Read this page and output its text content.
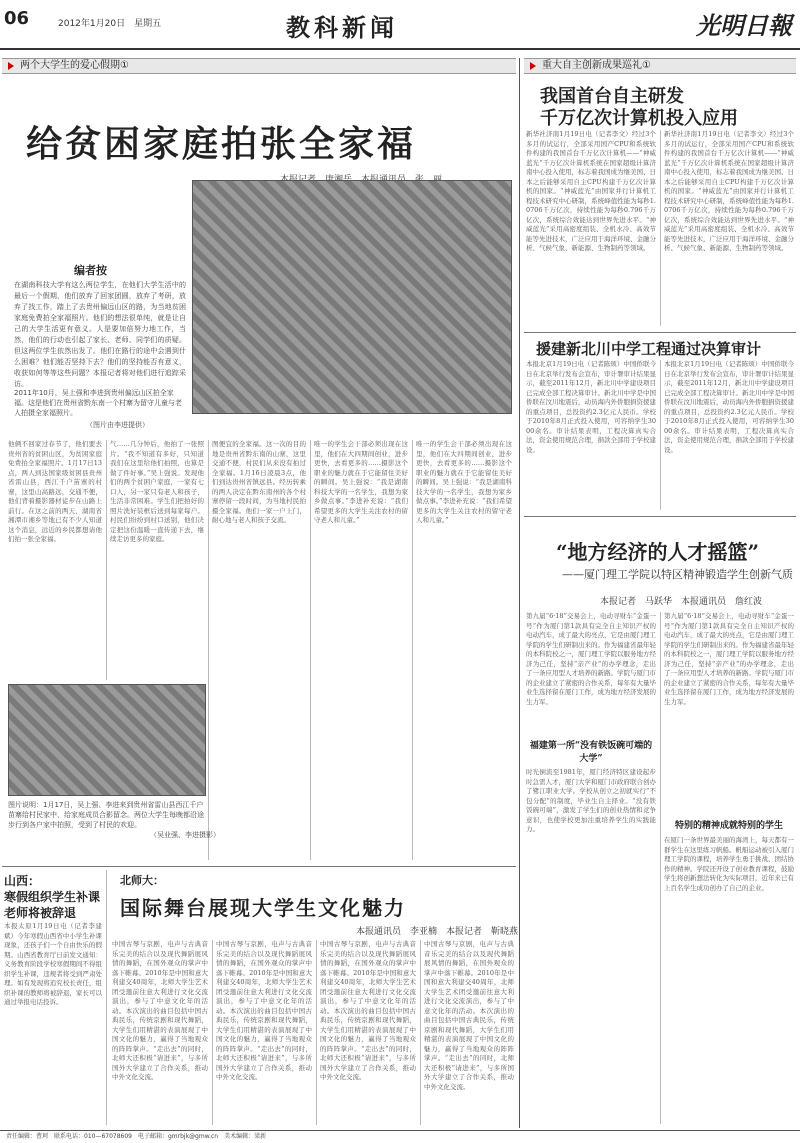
06	2012年1月20日　星期五	教科新闻	光明日報
两个大学生的爱心假期①	重大自主创新成果巡礼①
给贫困家庭拍张全家福
编者按
在湖南科技大学有这么两位学生，在他们大学生活中的最后一个假期，他们放弃了回家团圆，放弃了考研，放弃了找工作，踏上了去贵州偏远山区的路，为当地贫困家庭免费拍全家福照片。他们的想法很单纯，就是让自己的大学生活更有意义。人是要加倍努力地工作，当然，他们的行动也引起了家长、老师、同学们的质疑。但这两位学生依然出发了。他们在路行的途中会遇到什么困难？他们能否坚持下去？他们的坚持能否有意义，收获如何等等这些问题？本报记者将对他们进行追踪采访。
2011年10月，吴上强和李进到贵州偏远山区拍全家福。这是他们在贵州省黔东南一个村寨为留守儿童与老人拍摄全家福照片。
（图片由李进提供）
他俩不回家过春节了，他们要去贵州省的贫困山区，为贫困家庭免费拍全家福照片。1月17日13点，两人到达国家级贫困县贵州省雷山县，西江千户苗寨的村寨，这里山高路远，交通不便，他们背着摄影器材徒步在山路上前行。在这之前的两天，湖南省湘潭市湘乡等地已有不少人知道这个消息，远近的乡民都想请他们拍一张全家福。
气……几分钟后，他拍了一张照片。“我不知道有多好，只知道我们在这里给他们拍照，也算是做了件好事。”吴上强说。发现他们的两个贫困户家庭，一家有七口人，另一家只有老人和孩子，生活非常困难。学生们把拍好的照片洗好装框后送到每家每户。村民们纷纷到村口送别，他们决定把这份温暖一直传递下去，继续走访更多的家庭。
图便宜的全家福。这一次的目的地是贵州省黔东南的山寨，这里交通不便，村民们从来没有拍过全家福。1月16日凌晨3点，他们到达贵州省镇远县。经历转乘的两人决定在黔东南州的各个村寨停留一段时间，为当地村民拍摄全家福。他们一家一户上门，耐心地与老人和孩子交流。
唯一的学生会干部必须出现在这里，他们在大四期间创业，进步更快，去看更多的……摄影这个职业的魅力就在于它能留住美好的瞬间。吴上强说：“我是湖南科技大学的一名学生，我想为家乡做点事。”李进补充说：“我们希望更多的大学生关注农村的留守老人和儿童。”
唯一的学生会干部必须出现在这里，他们在大四期间创业，进步更快，去看更多的……摄影这个职业的魅力就在于它能留住美好的瞬间。吴上强说：“我是湖南科技大学的一名学生，我想为家乡做点事。”李进补充说：“我们希望更多的大学生关注农村的留守老人和儿童。”
图片说明：1月17日，吴上强、李进来到贵州省雷山县西江千户苗寨给村民家中，给家庭成员合影留念。两位大学生每晚都沿途步行到各户家中拍照，受到了村民的欢迎。
（吴业强、李进摄影）
山西：
寒假组织学生补课
老师将被辞退
本报太原1月19日电（记者李建斌）今年寒假山西省中小学生补课现象，还孩子们一个自由快乐的假期。山西省教育厅日前发文通知：义务教育阶段学校寒假期间不得组织学生补课，违规者将受到严肃处理。如有发现将追究校长责任，组织补课的教师将被辞退，家长可以通过举报电话投诉。
北师大：
国际舞台展现大学生文化魅力
本报通讯员　李亚楠　本报记者　靳晓燕
中国古琴与京剧，电声与古典音乐完美的结合以及现代舞蹈展风情的舞蹈，在国外观众的掌声中落下帷幕。2010年是中国和意大利建交40周年，北师大学生艺术团受邀前往意大利进行文化交流演出，参与了中意文化年的活动。本次演出的曲目包括中国古典民乐，传统京剧和现代舞蹈，大学生们用精湛的表演展现了中国文化的魅力，赢得了当地观众的阵阵掌声。“走出去”的同时，北师大还积极“请进来”，与多所国外大学建立了合作关系，推动中外文化交流。
中国古琴与京剧，电声与古典音乐完美的结合以及现代舞蹈展风情的舞蹈，在国外观众的掌声中落下帷幕。2010年是中国和意大利建交40周年，北师大学生艺术团受邀前往意大利进行文化交流演出，参与了中意文化年的活动。本次演出的曲目包括中国古典民乐，传统京剧和现代舞蹈，大学生们用精湛的表演展现了中国文化的魅力，赢得了当地观众的阵阵掌声。“走出去”的同时，北师大还积极“请进来”，与多所国外大学建立了合作关系，推动中外文化交流。
中国古琴与京剧，电声与古典音乐完美的结合以及现代舞蹈展风情的舞蹈，在国外观众的掌声中落下帷幕。2010年是中国和意大利建交40周年，北师大学生艺术团受邀前往意大利进行文化交流演出，参与了中意文化年的活动。本次演出的曲目包括中国古典民乐，传统京剧和现代舞蹈，大学生们用精湛的表演展现了中国文化的魅力，赢得了当地观众的阵阵掌声。“走出去”的同时，北师大还积极“请进来”，与多所国外大学建立了合作关系，推动中外文化交流。
中国古琴与京剧，电声与古典音乐完美的结合以及现代舞蹈展风情的舞蹈，在国外观众的掌声中落下帷幕。2010年是中国和意大利建交40周年，北师大学生艺术团受邀前往意大利进行文化交流演出，参与了中意文化年的活动。本次演出的曲目包括中国古典民乐，传统京剧和现代舞蹈，大学生们用精湛的表演展现了中国文化的魅力，赢得了当地观众的阵阵掌声。“走出去”的同时，北师大还积极“请进来”，与多所国外大学建立了合作关系，推动中外文化交流。
我国首台自主研发
千万亿次计算机投入应用
新华社济南1月19日电（记者李文）经过3个多月的试运行，全部采用国产CPU和系统软件构建的我国首台千万亿次计算机——“神威蓝光”千万亿次计算机系统在国家超级计算济南中心投入使用，标志着我国成为继美国、日本之后能够采用自主CPU构建千万亿次计算机的国家。“神威蓝光”由国家并行计算机工程技术研究中心研制，系统峰值性能为每秒1.0706千万亿次，持续性能为每秒0.796千万亿次，系统综合效能达到世界先进水平。“神威蓝光”采用高密度组装、全机水冷、高效节能等先进技术，广泛应用于海洋环境、金融分析、气候气象、新能源、生物制药等领域。
新华社济南1月19日电（记者李文）经过3个多月的试运行，全部采用国产CPU和系统软件构建的我国首台千万亿次计算机——“神威蓝光”千万亿次计算机系统在国家超级计算济南中心投入使用，标志着我国成为继美国、日本之后能够采用自主CPU构建千万亿次计算机的国家。“神威蓝光”由国家并行计算机工程技术研究中心研制，系统峰值性能为每秒1.0706千万亿次，持续性能为每秒0.796千万亿次，系统综合效能达到世界先进水平。“神威蓝光”采用高密度组装、全机水冷、高效节能等先进技术，广泛应用于海洋环境、金融分析、气候气象、新能源、生物制药等领域。
援建新北川中学工程通过决算审计
本报北京1月19日电（记者陈颂）中国侨联今日在北京举行发布会宣布，审计署审计结果显示，截至2011年12月，新北川中学建设项目已完成全部工程决算审计。新北川中学是中国侨联在汶川地震后，动员海内外侨胞捐资援建的重点项目，总投资约2.3亿元人民币。学校于2010年8月正式投入使用，可容纳学生3000余名。审计结果表明，工程决算真实合法，资金使用规范合理，捐款全部用于学校建设。
本报北京1月19日电（记者陈颂）中国侨联今日在北京举行发布会宣布，审计署审计结果显示，截至2011年12月，新北川中学建设项目已完成全部工程决算审计。新北川中学是中国侨联在汶川地震后，动员海内外侨胞捐资援建的重点项目，总投资约2.3亿元人民币。学校于2010年8月正式投入使用，可容纳学生3000余名。审计结果表明，工程决算真实合法，资金使用规范合理，捐款全部用于学校建设。
“地方经济的人才摇篮”
——厦门理工学院以特区精神锻造学生创新气质
本报记者　马跃华　本报通讯员　詹红波
第九届“6·18”交易会上，电动寻财车“金蛋一号”作为厦门第1款具有完全自主知识产权的电动汽车，成了最大的亮点，它是由厦门理工学院的学生们研制出来的。作为福建省最年轻的本科院校之一，厦门理工学院以服务地方经济为己任，坚持“亲产业”的办学理念，走出了一条应用型人才培养的新路。学院与厦门市的企业建立了紧密的合作关系，每年有大量毕业生选择留在厦门工作，成为地方经济发展的生力军。
福建第一所“没有铁饭碗可端的大学”
时光倒流至1981年，厦门经济特区建设起步时急需人才，厦门大学和厦门市政府联合创办了鹭江职业大学。学校从创立之初就实行“不包分配”的制度，毕业生自主择业。“没有铁饭碗可端”，激发了学生们的创业热情和竞争意识，也使学校更加注重培养学生的实践能力。
第九届“6·18”交易会上，电动寻财车“金蛋一号”作为厦门第1款具有完全自主知识产权的电动汽车，成了最大的亮点，它是由厦门理工学院的学生们研制出来的。作为福建省最年轻的本科院校之一，厦门理工学院以服务地方经济为己任，坚持“亲产业”的办学理念，走出了一条应用型人才培养的新路。学院与厦门市的企业建立了紧密的合作关系，每年有大量毕业生选择留在厦门工作，成为地方经济发展的生力军。
特别的精神成就特别的学生
在厦门一条世界最美丽的海湾上，每天都有一群学生在这里练习帆船。帆船运动被引入厦门理工学院的课程，培养学生勇于挑战、团结协作的精神。学院还开设了创业教育课程，鼓励学生将创新想法转化为实际项目，近年来已有上百名学生成功创办了自己的企业。
责任编辑：曹珂　联系电话：010—67078609　电子邮箱：gmrbjk@gmw.cn　美术编辑：梁新
